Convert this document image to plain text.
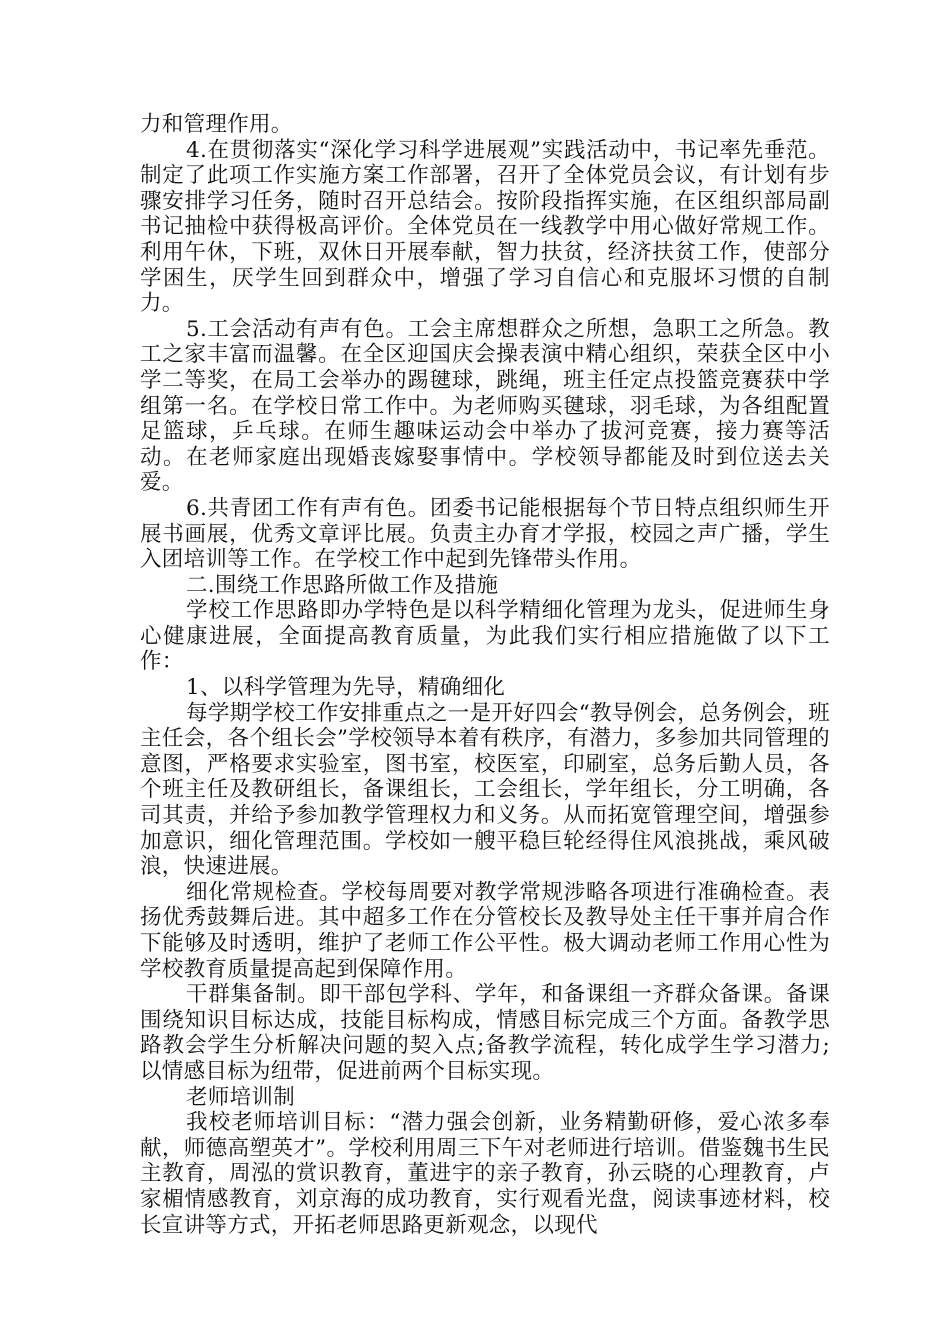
力和管理作用。

4.在贯彻落实“深化学习科学进展观”实践活动中，书记率先垂范。制定了此项工作实施方案工作部署，召开了全体党员会议，有计划有步骤安排学习任务，随时召开总结会。按阶段指挥实施，在区组织部局副书记抽检中获得极高评价。全体党员在一线教学中用心做好常规工作。利用午休，下班，双休日开展奉献，智力扶贫，经济扶贫工作，使部分学困生，厌学生回到群众中，增强了学习自信心和克服坏习惯的自制力。

5.工会活动有声有色。工会主席想群众之所想，急职工之所急。教工之家丰富而温馨。在全区迎国庆会操表演中精心组织，荣获全区中小学二等奖，在局工会举办的踢毽球，跳绳，班主任定点投篮竞赛获中学组第一名。在学校日常工作中。为老师购买毽球，羽毛球，为各组配置足篮球，乒乓球。在师生趣味运动会中举办了拔河竞赛，接力赛等活动。在老师家庭出现婚丧嫁娶事情中。学校领导都能及时到位送去关爱。

6.共青团工作有声有色。团委书记能根据每个节日特点组织师生开展书画展，优秀文章评比展。负责主办育才学报，校园之声广播，学生入团培训等工作。在学校工作中起到先锋带头作用。

二.围绕工作思路所做工作及措施

学校工作思路即办学特色是以科学精细化管理为龙头，促进师生身心健康进展，全面提高教育质量，为此我们实行相应措施做了以下工作：

1、以科学管理为先导，精确细化

每学期学校工作安排重点之一是开好四会“教导例会，总务例会，班主任会，各个组长会”学校领导本着有秩序，有潜力，多参加共同管理的意图，严格要求实验室，图书室，校医室，印刷室，总务后勤人员，各个班主任及教研组长，备课组长，工会组长，学年组长，分工明确，各司其责，并给予参加教学管理权力和义务。从而拓宽管理空间，增强参加意识，细化管理范围。学校如一艘平稳巨轮经得住风浪挑战，乘风破浪，快速进展。

细化常规检查。学校每周要对教学常规涉略各项进行准确检查。表扬优秀鼓舞后进。其中超多工作在分管校长及教导处主任干事并肩合作下能够及时透明，维护了老师工作公平性。极大调动老师工作用心性为学校教育质量提高起到保障作用。

干群集备制。即干部包学科、学年，和备课组一齐群众备课。备课围绕知识目标达成，技能目标构成，情感目标完成三个方面。备教学思路教会学生分析解决问题的契入点;备教学流程，转化成学生学习潜力;以情感目标为纽带，促进前两个目标实现。

老师培训制

我校老师培训目标：“潜力强会创新，业务精勤研修，爱心浓多奉献，师德高塑英才”。学校利用周三下午对老师进行培训。借鉴魏书生民主教育，周泓的赏识教育，董进宇的亲子教育，孙云晓的心理教育，卢家楣情感教育，刘京海的成功教育，实行观看光盘，阅读事迹材料，校长宣讲等方式，开拓老师思路更新观念，以现代
